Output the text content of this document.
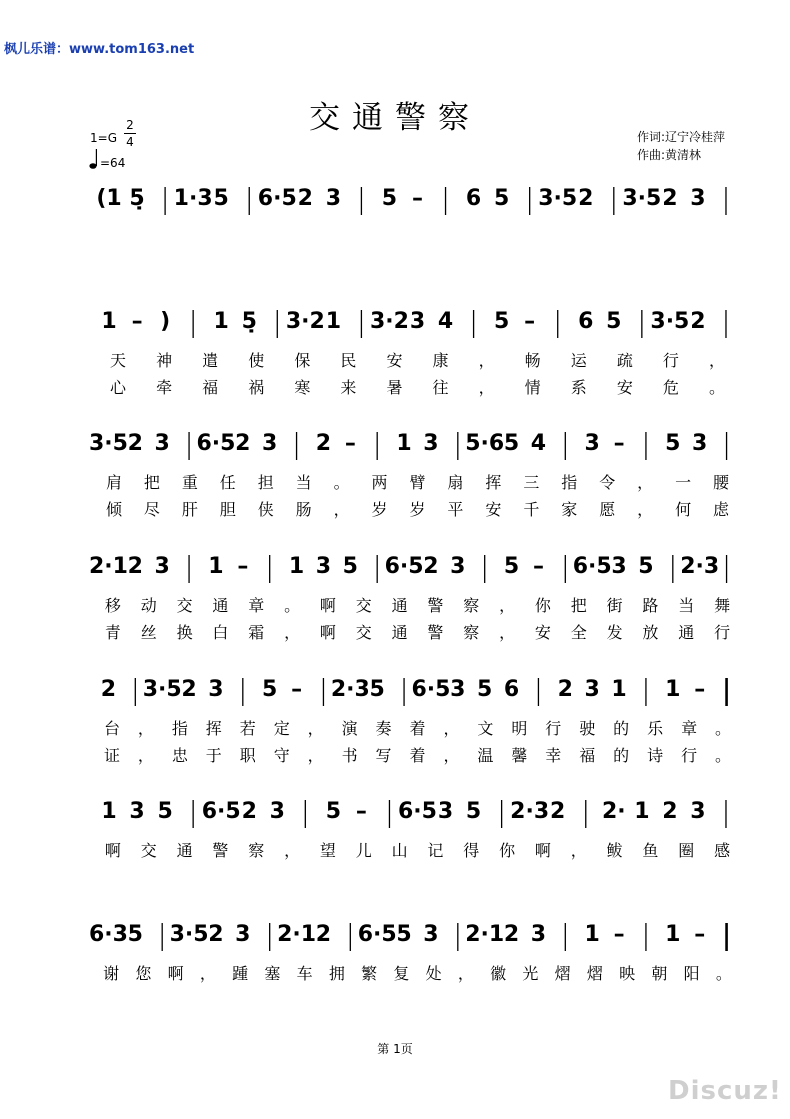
枫儿乐谱：www.tom163.net
交通警察
1=G
2
4
=64
作词:辽宁冷桂萍
作曲:黄清林
(1 5̣ 1·3 5 6·5 2 3 5 – 6 5 3·5 2 3·5 2 3
1 – ) 1 5̣ 3·2 1 3·2 3 4 5 – 6 5 3·5 2
天 神 遣 使 保 民 安 康 ， 畅 运 疏 行 ，
心 牵 福 祸 寒 来 暑 往 ， 情 系 安 危 。
3·5 2 3 6·5 2 3 2 – 1 3 5·6 5 4 3 – 5 3
肩 把 重 任 担 当 。 两 臂 扇 挥 三 指 令 ， 一 腰
倾 尽 肝 胆 侠 肠 ， 岁 岁 平 安 千 家 愿 ， 何 虑
2·1 2 3 1 – 1 3 5 6·5 2 3 5 – 6·5 3 5 2·3
移 动 交 通 章 。 啊 交 通 警 察 ， 你 把 街 路 当 舞
青 丝 换 白 霜 ， 啊 交 通 警 察 ， 安 全 发 放 通 行
2 3·5 2 3 5 – 2·3 5 6·5 3 5 6 2 3 1 1 –
台 ， 指 挥 若 定 ， 演 奏 着 ， 文 明 行 驶 的 乐 章 。
证 ， 忠 于 职 守 ， 书 写 着 ， 温 馨 幸 福 的 诗 行 。
1 3 5 6·5 2 3 5 – 6·5 3 5 2·3 2 2· 1 2 3
啊 交 通 警 察 ， 望 儿 山 记 得 你 啊 ， 鲅 鱼 圈 感
6·3 5 3·5 2 3 2·1 2 6·5 5 3 2·1 2 3 1 – 1 –
谢 您 啊 ， 踵 塞 车 拥 繁 复 处 ， 徽 光 熠 熠 映 朝 阳 。
第 1页
Discuz!
